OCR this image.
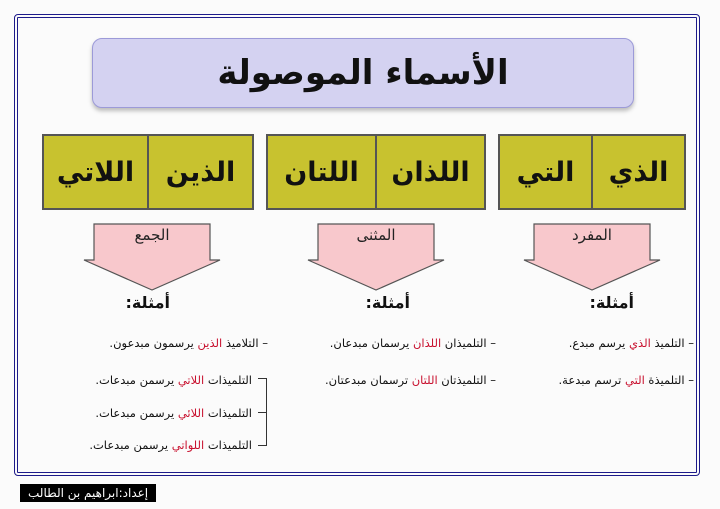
الأسماء الموصولة
التي	الذي
اللتان	اللذان
اللاتي	الذين
المفرد
المثنى
الجمع
أمثلة:
أمثلة:
أمثلة:
– التلميذ الذي يرسم مبدع.
– التلميذة التي ترسم مبدعة.
– التلميذان اللذان يرسمان مبدعان.
– التلميذتان اللتان ترسمان مبدعتان.
– التلاميذ الذين يرسمون مبدعون.
التلميذات اللاتي يرسمن مبدعات.
التلميذات اللائي يرسمن مبدعات.
التلميذات اللواتي يرسمن مبدعات.
إعداد:ابراهيم بن الطالب
